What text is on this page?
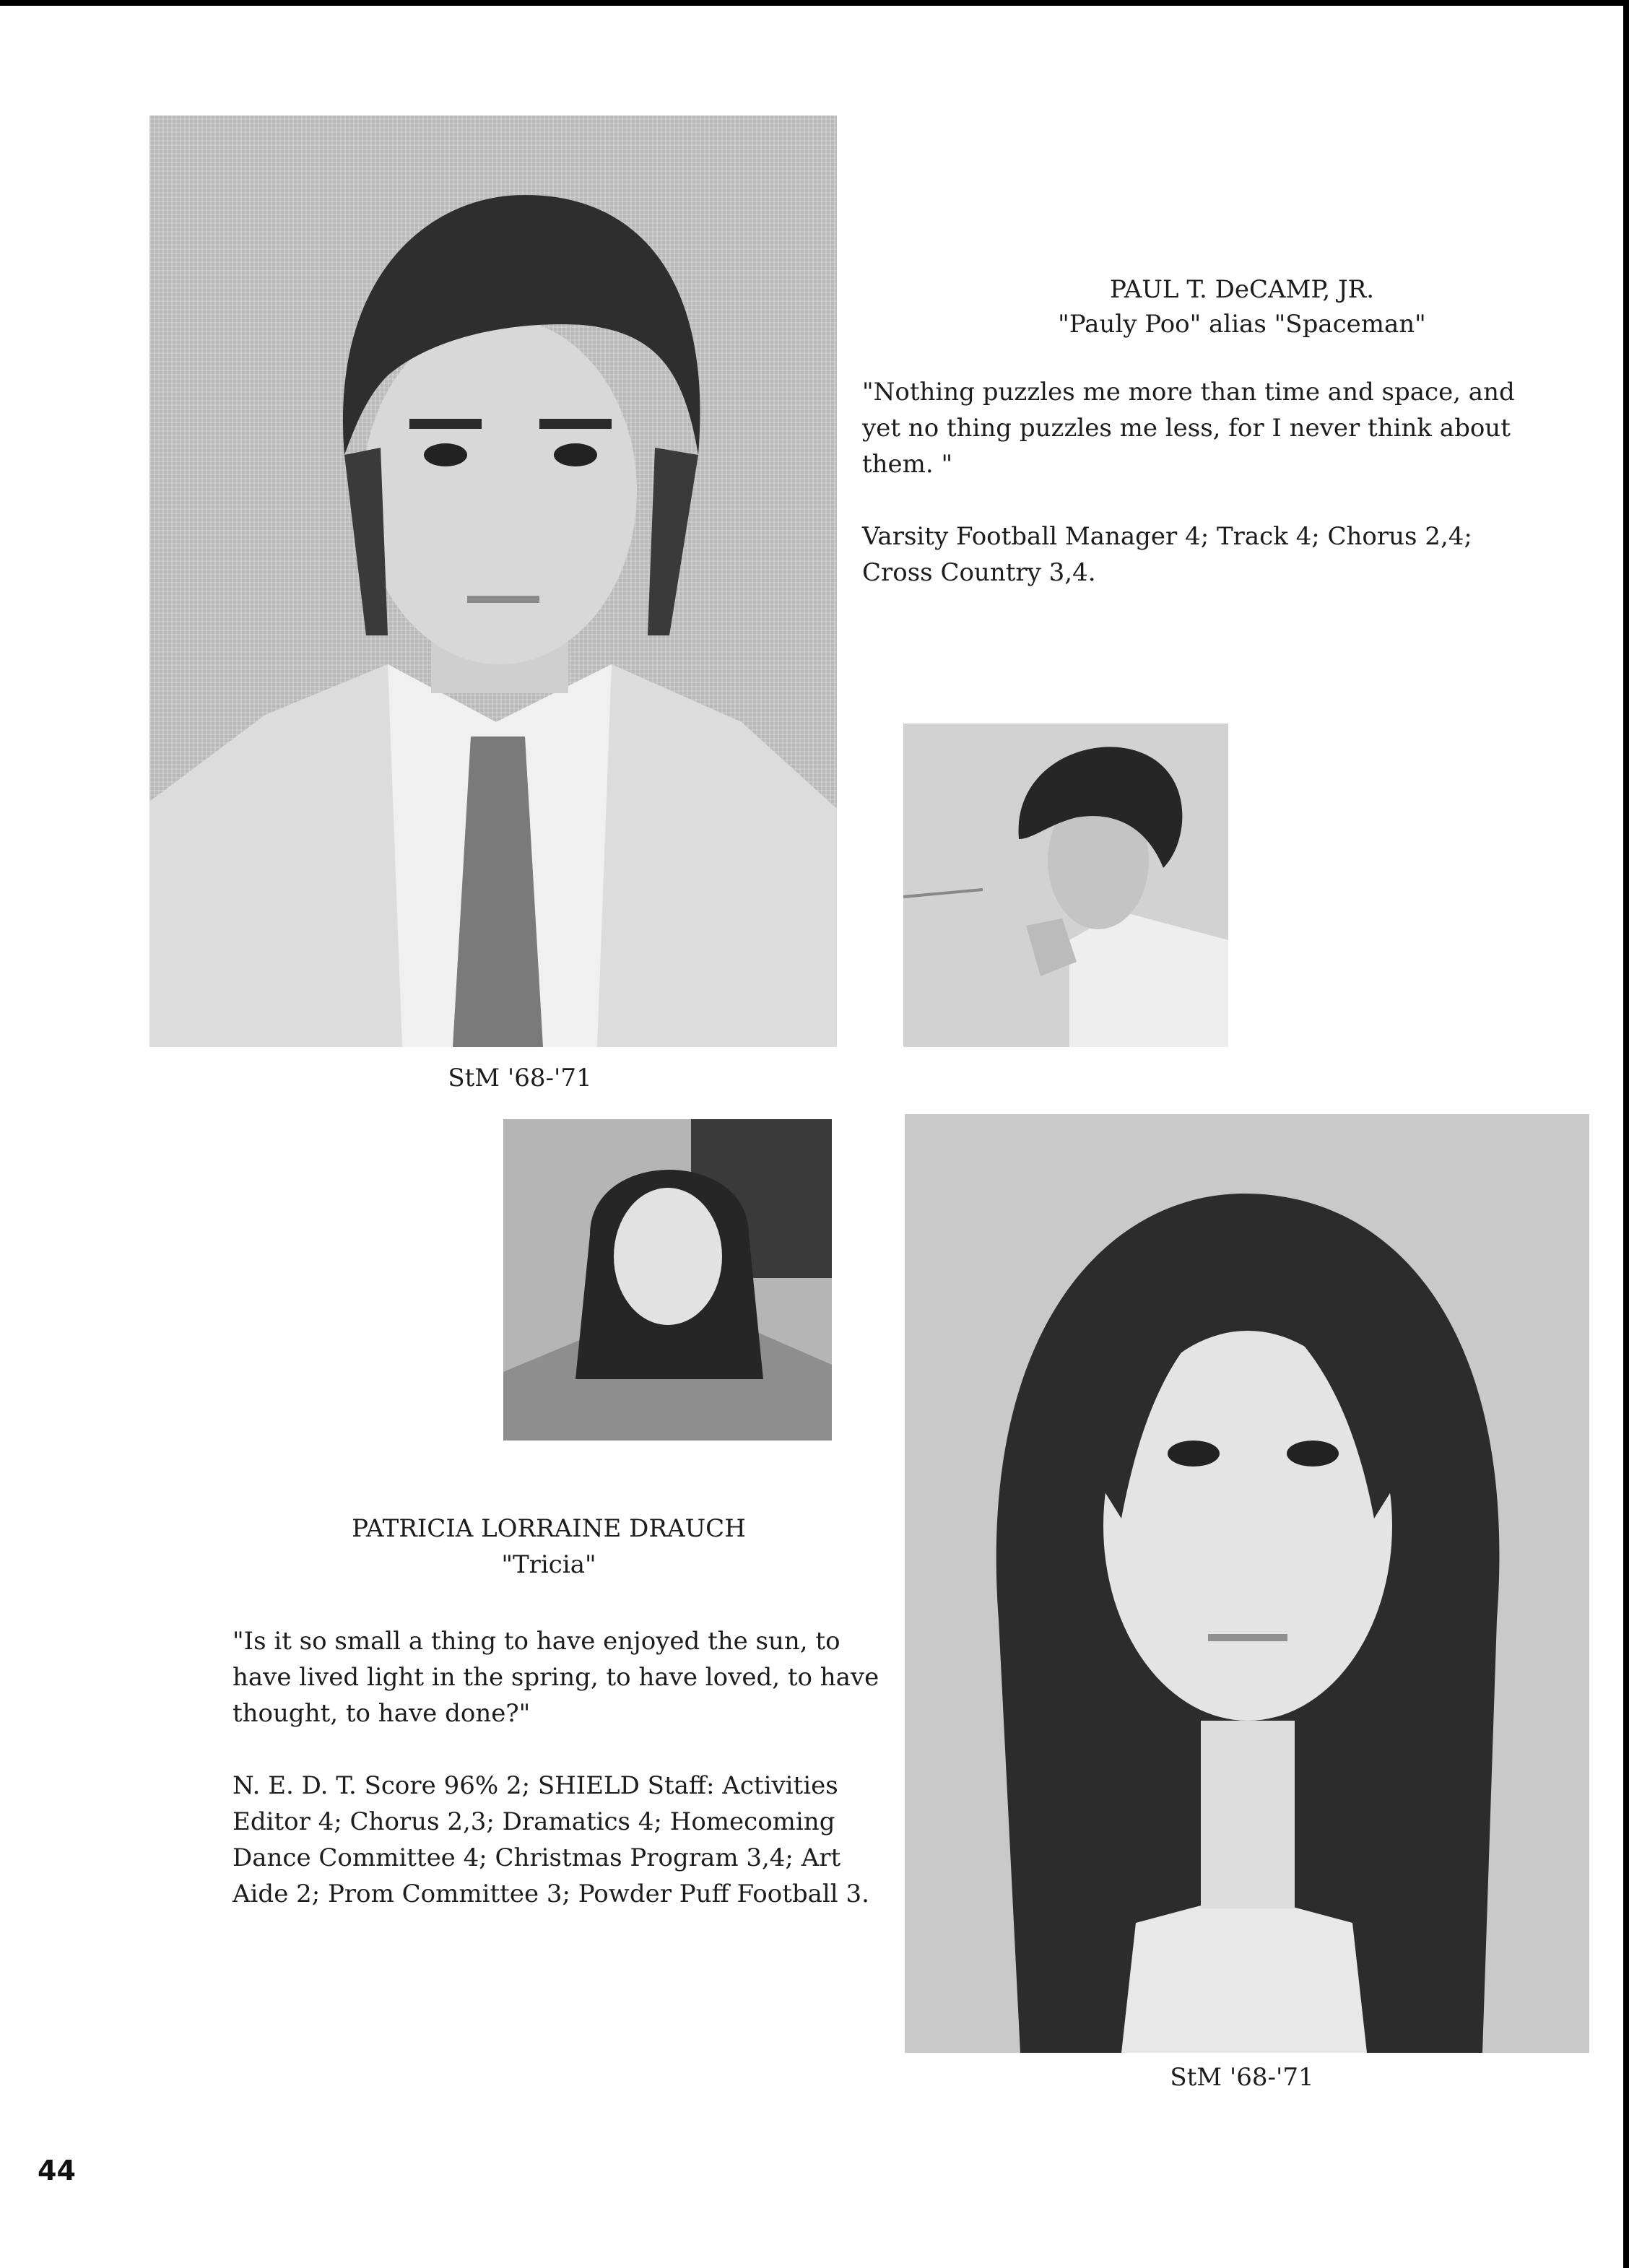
PAUL T. DeCAMP, JR.

"Pauly Poo" alias "Spaceman"

"Nothing puzzles me more than time and space, and yet no thing puzzles me less, for I never think about them. "

Varsity Football Manager 4; Track 4; Chorus 2,4; Cross Country 3,4.

StM '68-'71

PATRICIA LORRAINE DRAUCH

"Tricia"

"Is it so small a thing to have enjoyed the sun, to have lived light in the spring, to have loved, to have thought, to have done?"

N. E. D. T. Score 96% 2; SHIELD Staff: Activities Editor 4; Chorus 2,3; Dramatics 4; Homecoming Dance Committee 4; Christmas Program 3,4; Art Aide 2; Prom Committee 3; Powder Puff Football 3.

StM '68-'71

44
